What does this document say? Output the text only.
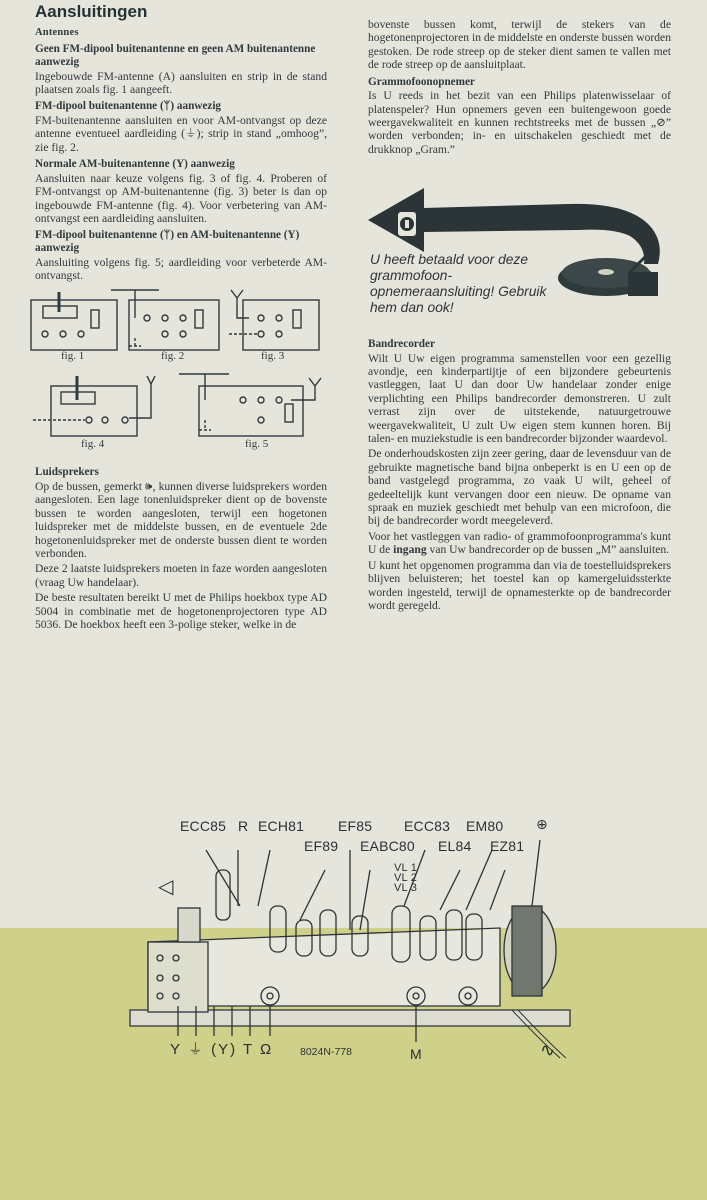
Aansluitingen
Antennes
Geen FM-dipool buitenantenne en geen AM buitenantenne aanwezig

Ingebouwde FM-antenne (A) aansluiten en strip in de stand plaatsen zoals fig. 1 aangeeft.

FM-dipool buitenantenne (ᛘ) aanwezig

FM-buitenantenne aansluiten en voor AM-ontvangst op deze antenne eventueel aardleiding (⏚); strip in stand „omhoog”, zie fig. 2.

Normale AM-buitenantenne (Y) aanwezig

Aansluiten naar keuze volgens fig. 3 of fig. 4. Proberen of FM-ontvangst op AM-buitenantenne (fig. 3) beter is dan op ingebouwde FM-antenne (fig. 4). Voor verbetering van AM-ontvangst een aardleiding aansluiten.

FM-dipool buitenantenne (ᛘ) en AM-buitenantenne (Y) aanwezig

Aansluiting volgens fig. 5; aardleiding voor verbeterde AM-ontvangst.

fig. 1	fig. 2	fig. 3
fig. 4	fig. 5
Luidsprekers

Op de bussen, gemerkt 🕪, kunnen diverse luidsprekers worden aangesloten. Een lage tonenluidspreker dient op de bovenste bussen te worden aangesloten, terwijl een hogetonen luidspreker met de middelste bussen, en de eventuele 2de hogetonenluidspreker met de onderste bussen dient te worden verbonden.

Deze 2 laatste luidsprekers moeten in faze worden aangesloten (vraag Uw handelaar).

De beste resultaten bereikt U met de Philips hoekbox type AD 5004 in combinatie met de hogetonenprojectoren type AD 5036. De hoekbox heeft een 3-polige steker, welke in de

bovenste bussen komt, terwijl de stekers van de hogetonenprojectoren in de middelste en onderste bussen worden gestoken. De rode streep op de steker dient samen te vallen met de rode streep op de aansluitplaat.

Grammofoonopnemer

Is U reeds in het bezit van een Philips platenwisselaar of platenspeler? Hun opnemers geven een buitengewoon goede weergavekwaliteit en kunnen rechtstreeks met de bussen „⊘” worden verbonden; in- en uitschakelen geschiedt met de drukknop „Gram.”

U heeft betaald voor deze grammofoon-opnemeraansluiting! Gebruik hem dan ook!
Bandrecorder

Wilt U Uw eigen programma samenstellen voor een gezellig avondje, een kinderpartijtje of een bijzondere gebeurtenis vastleggen, laat U dan door Uw handelaar zonder enige verplichting een Philips bandrecorder demonstreren. U zult verrast zijn over de uitstekende, natuurgetrouwe weergavekwaliteit, U zult Uw eigen stem kunnen horen. Bij talen- en muziekstudie is een bandrecorder bijzonder waardevol.

De onderhoudskosten zijn zeer gering, daar de levensduur van de gebruikte magnetische band bijna onbeperkt is en U een op de band vastgelegd programma, zo vaak U wilt, geheel of gedeeltelijk kunt vervangen door een nieuw. De opname van spraak en muziek geschiedt met behulp van een microfoon, die bij de bandrecorder wordt meegeleverd.

Voor het vastleggen van radio- of grammofoonprogramma's kunt U de ingang van Uw bandrecorder op de bussen „M” aansluiten.

U kunt het opgenomen programma dan via de toestelluidsprekers blijven beluisteren; het toestel kan op kamergeluidssterkte worden ingesteld, terwijl de opnamesterkte op de bandrecorder wordt geregeld.

ECC85 R ECH81 EF85 ECC83 EM80 ⊕
EF89 EABC80 EL84 EZ81
VL 1
VL 2
VL 3
◁
Y ⏚ (Y) T Ω	8024N-778	M	∿
